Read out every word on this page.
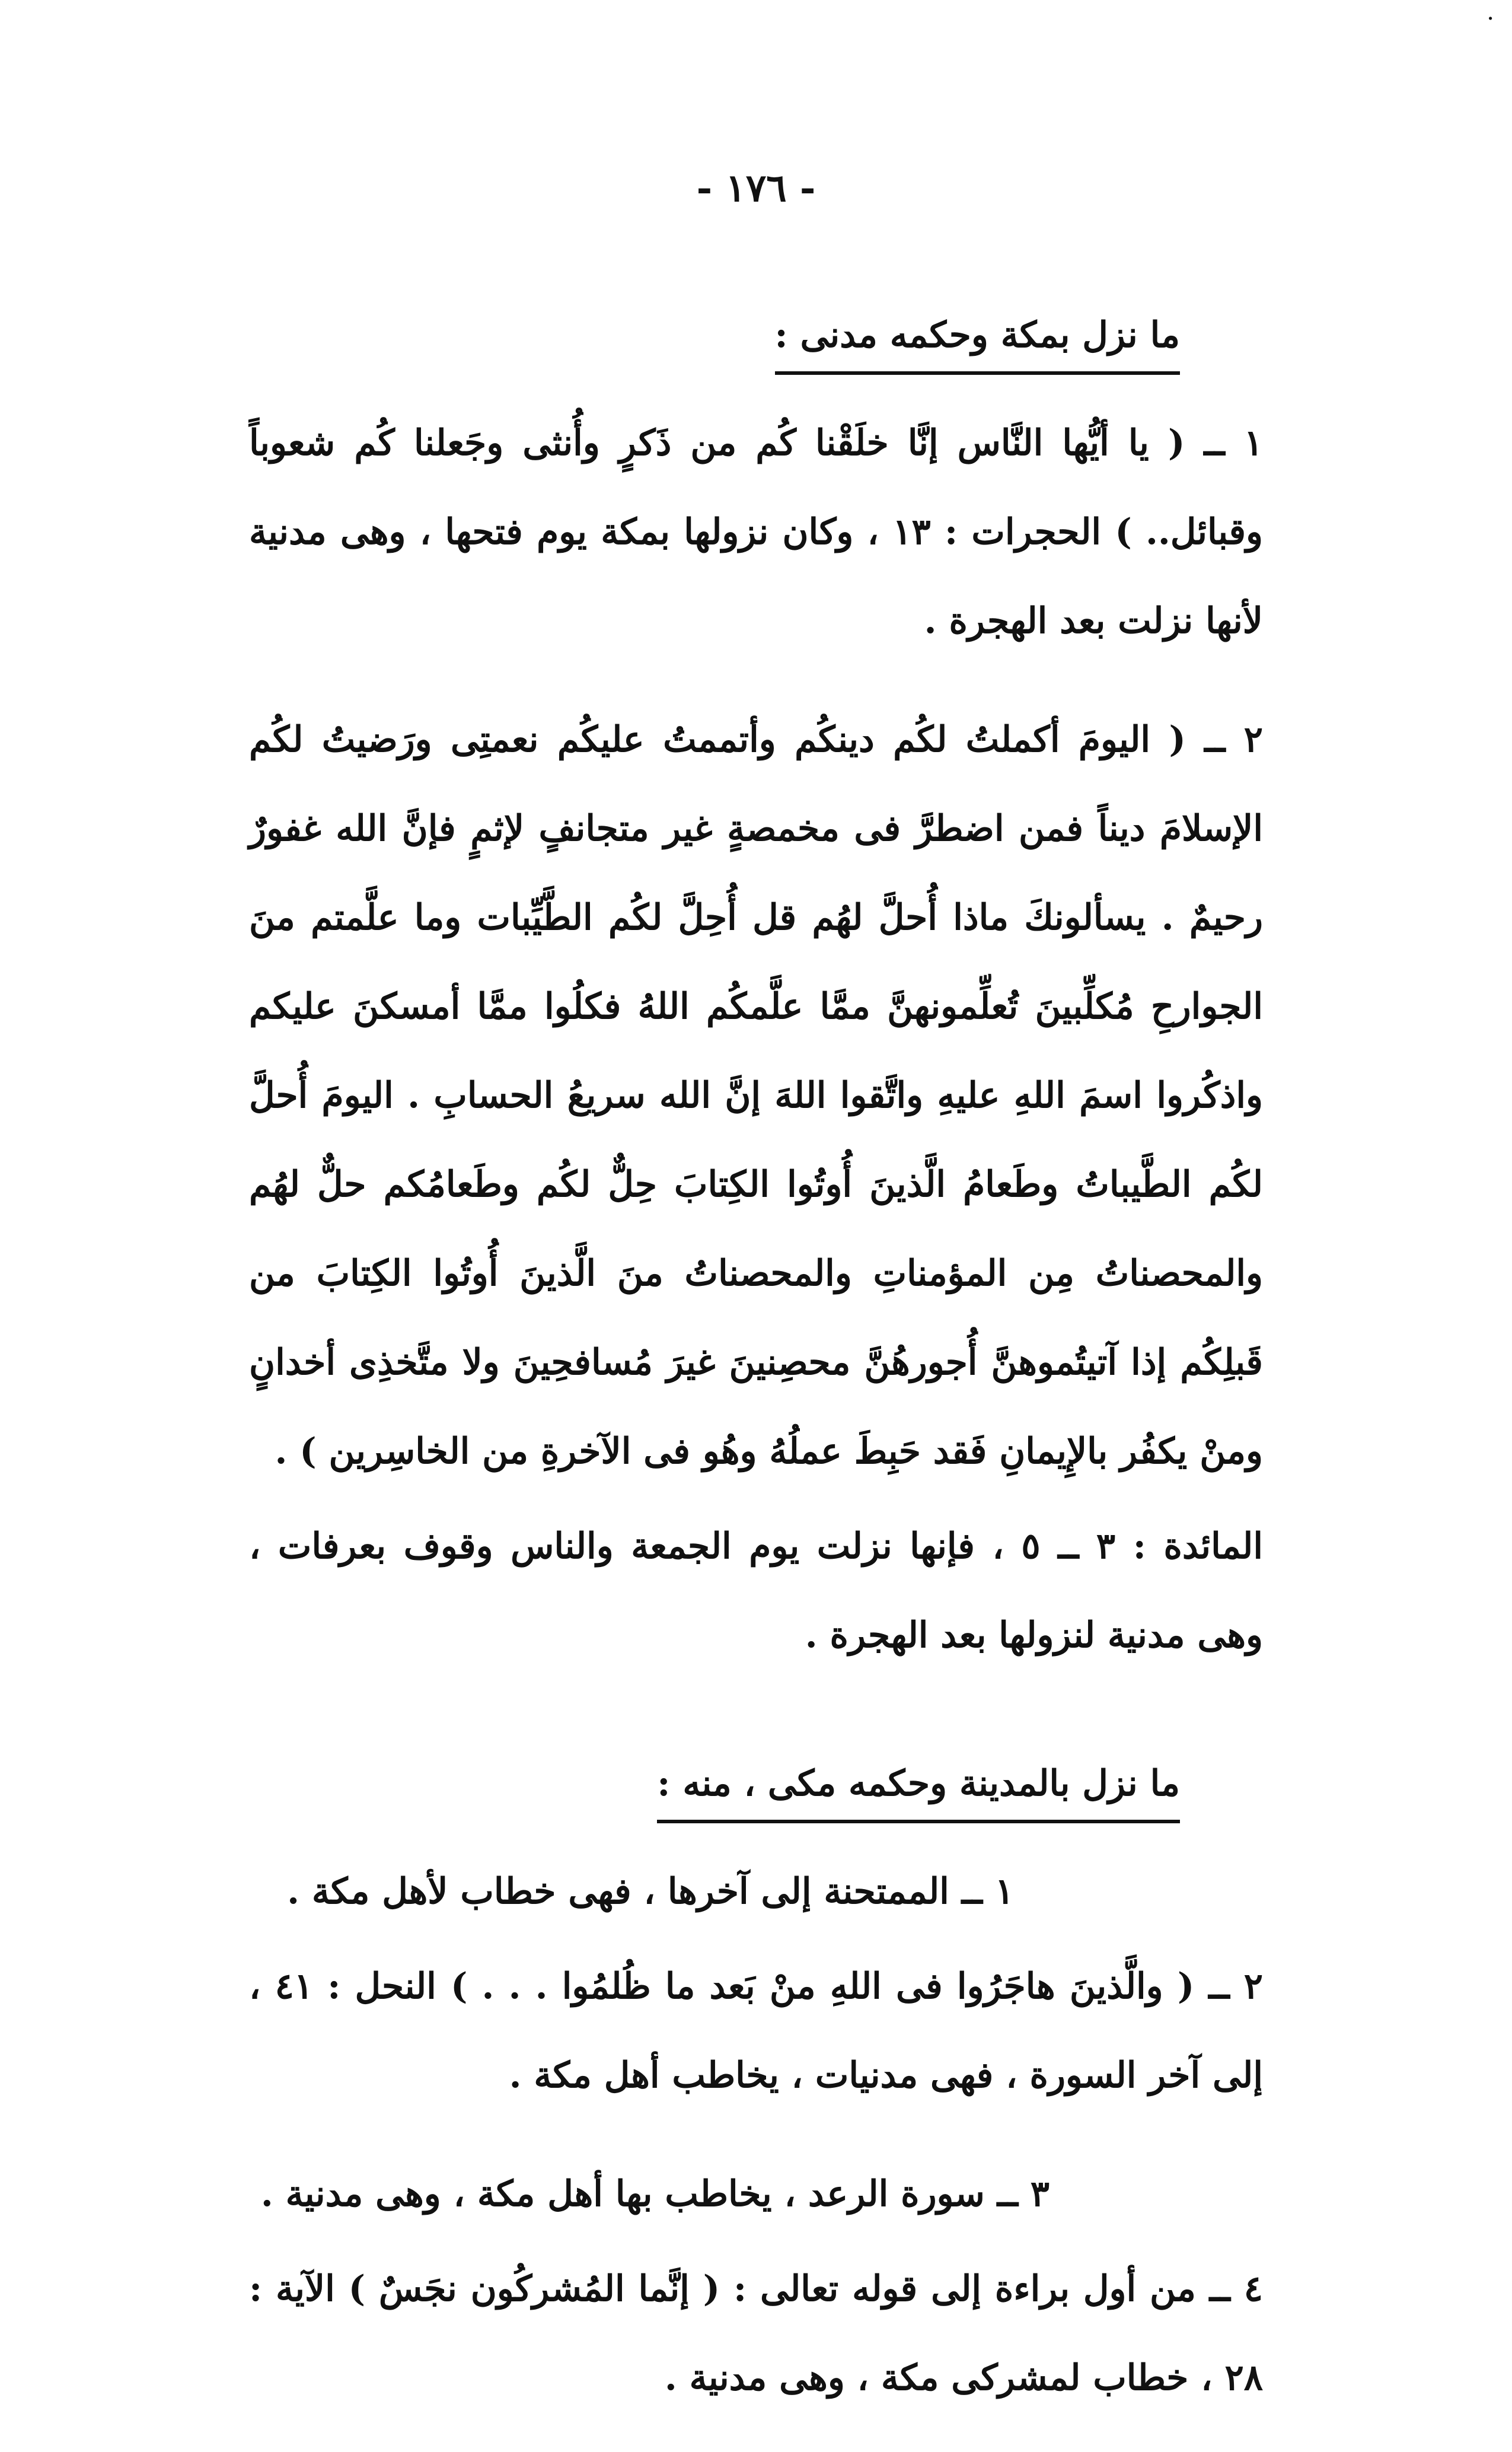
.
- ١٧٦ -
ما نزل بمكة وحكمه مدنى :

١ ــ ( يا أيُّها النَّاس إنَّا خلَقْنا كُم من ذَكرٍ وأُنثى وجَعلنا كُم شعوباً وقبائل.. ) الحجرات : ١٣ ، وكان نزولها بمكة يوم فتحها ، وهى مدنية لأنها نزلت بعد الهجرة .

٢ ــ ( اليومَ أكملتُ لكُم دينكُم وأتممتُ عليكُم نعمتِى ورَضيتُ لكُم الإسلامَ ديناً فمن اضطرَّ فى مخمصةٍ غير متجانفٍ لإثمٍ فإنَّ الله غفورٌ رحيمٌ . يسألونكَ ماذا أُحلَّ لهُم قل أُحِلَّ لكُم الطَّيِّبات وما علَّمتم منَ الجوارحِ مُكلِّبينَ تُعلِّمونهنَّ ممَّا علَّمكُم اللهُ فكلُوا ممَّا أمسكنَ عليكم واذكُروا اسمَ اللهِ عليهِ واتَّقوا اللهَ إنَّ الله سريعُ الحسابِ . اليومَ أُحلَّ لكُم الطَّيباتُ وطَعامُ الَّذينَ أُوتُوا الكِتابَ حِلٌّ لكُم وطَعامُكم حلٌّ لهُم والمحصناتُ مِن المؤمناتِ والمحصناتُ منَ الَّذينَ أُوتُوا الكِتابَ من قَبلِكُم إذا آتيتُموهنَّ أُجورهُنَّ محصِنينَ غيرَ مُسافحِينَ ولا متَّخذِى أخدانٍ ومنْ يكفُر بالإِيمانِ فَقد حَبِطَ عملُهُ وهُو فى الآخرةِ من الخاسِرين ) .

المائدة : ٣ ــ ٥ ، فإنها نزلت يوم الجمعة والناس وقوف بعرفات ، وهى مدنية لنزولها بعد الهجرة .

ما نزل بالمدينة وحكمه مكى ، منه :

١ ــ الممتحنة إلى آخرها ، فهى خطاب لأهل مكة .

٢ ــ ( والَّذينَ هاجَرُوا فى اللهِ منْ بَعد ما ظُلمُوا . . . ) النحل : ٤١ ، إلى آخر السورة ، فهى مدنيات ، يخاطب أهل مكة .

٣ ــ سورة الرعد ، يخاطب بها أهل مكة ، وهى مدنية .

٤ ــ من أول براءة إلى قوله تعالى : ( إنَّما المُشركُون نجَسٌ ) الآية : ٢٨ ، خطاب لمشركى مكة ، وهى مدنية .
